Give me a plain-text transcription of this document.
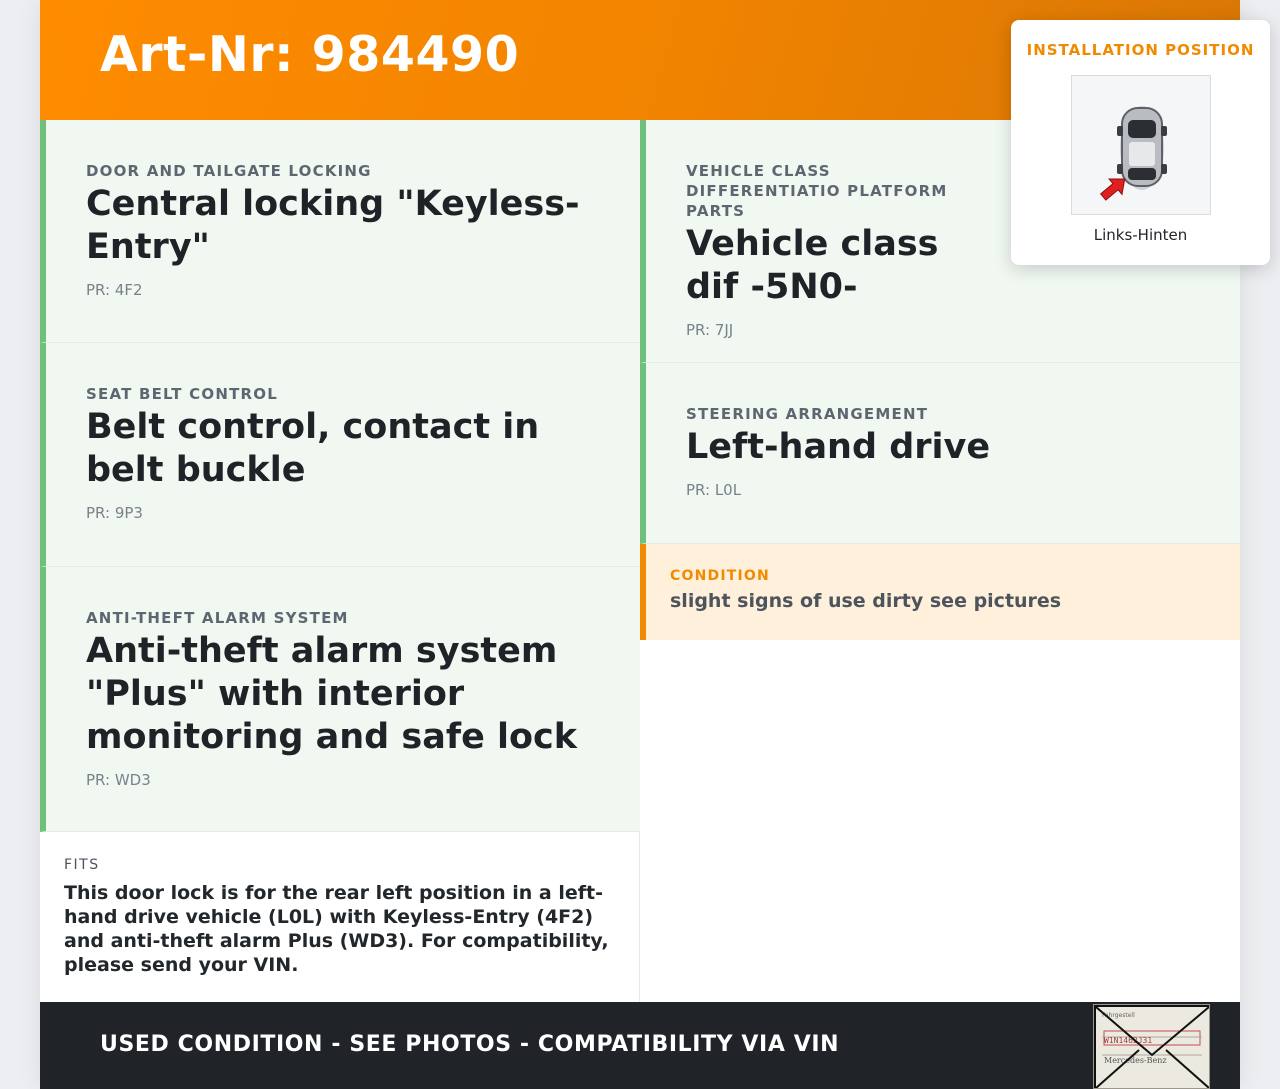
Art-Nr: 984490
DOOR AND TAILGATE LOCKING
Central locking "Keyless-Entry"
PR: 4F2
SEAT BELT CONTROL
Belt control, contact in belt buckle
PR: 9P3
ANTI-THEFT ALARM SYSTEM
Anti-theft alarm system "Plus" with interior monitoring and safe lock
PR: WD3
VEHICLE CLASS DIFFERENTIATIO PLATFORM PARTS
Vehicle class dif -5N0-
PR: 7JJ
STEERING ARRANGEMENT
Left-hand drive
PR: L0L
CONDITION
slight signs of use dirty see pictures
FITS
This door lock is for the rear left position in a left-hand drive vehicle (L0L) with Keyless-Entry (4F2) and anti-theft alarm Plus (WD3). For compatibility, please send your VIN.
USED CONDITION - SEE PHOTOS - COMPATIBILITY VIA VIN
Fahrgestell
W1N1462J31
Mercedes-Benz
INSTALLATION POSITION
Links-Hinten
